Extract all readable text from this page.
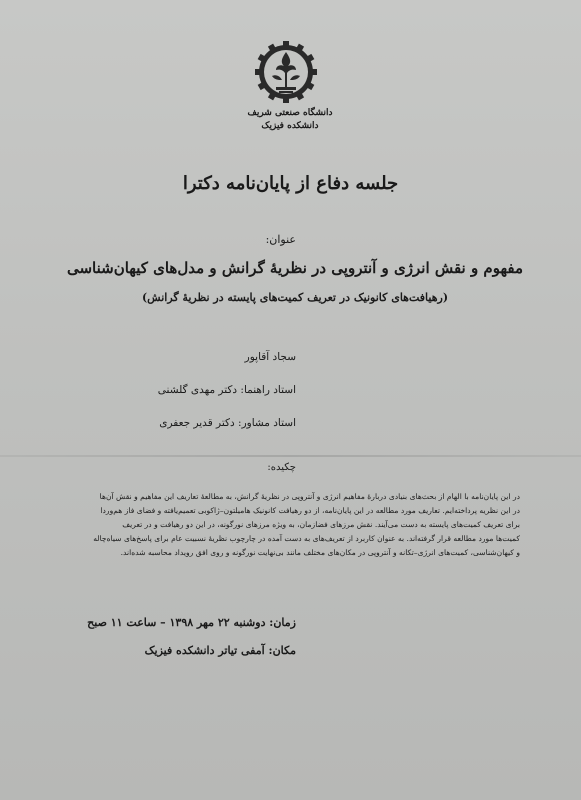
دانشگاه صنعتی شریف
دانشکده فیزیک
جلسه دفاع از پایان‌نامه دکترا
عنوان:
مفهوم و نقش انرژی و آنتروپی در نظریهٔ گرانش و مدل‌های کیهان‌شناسی
(رهیافت‌های کانونیک در تعریف کمیت‌های پایسته در نظریهٔ گرانش)
سجاد آقاپور
استاد راهنما: دکتر مهدی گلشنی
استاد مشاور: دکتر قدیر جعفری
چکیده:
در این پایان‌نامه با الهام از بحث‌های بنیادی دربارهٔ مفاهیم انرژی و آنتروپی در نظریهٔ گرانش، به مطالعهٔ تعاریف این مفاهیم و نقش آن‌ها
در این نظریه پرداخته‌ایم. تعاریف مورد مطالعه در این پایان‌نامه، از دو رهیافت کانونیک هامیلتون–ژاکوبی تعمیم‌یافته و فضای فاز هم‌وردا
برای تعریف کمیت‌های پایسته به دست می‌آیند. نقش مرزهای فضازمان، به ویژه مرزهای نورگونه، در این دو رهیافت و در تعریف
کمیت‌ها مورد مطالعه قرار گرفته‌اند. به عنوان کاربرد از تعریف‌های به دست آمده در چارچوب نظریهٔ نسبیت عام برای پاسخ‌های سیاه‌چاله
و کیهان‌شناسی، کمیت‌های انرژی–تکانه و آنتروپی در مکان‌های مختلف مانند بی‌نهایت نورگونه و روی افق رویداد محاسبه شده‌اند.
زمان: دوشنبه ۲۲ مهر ۱۳۹۸ – ساعت ۱۱ صبح
مکان: آمفی تیاتر دانشکده فیزیک
